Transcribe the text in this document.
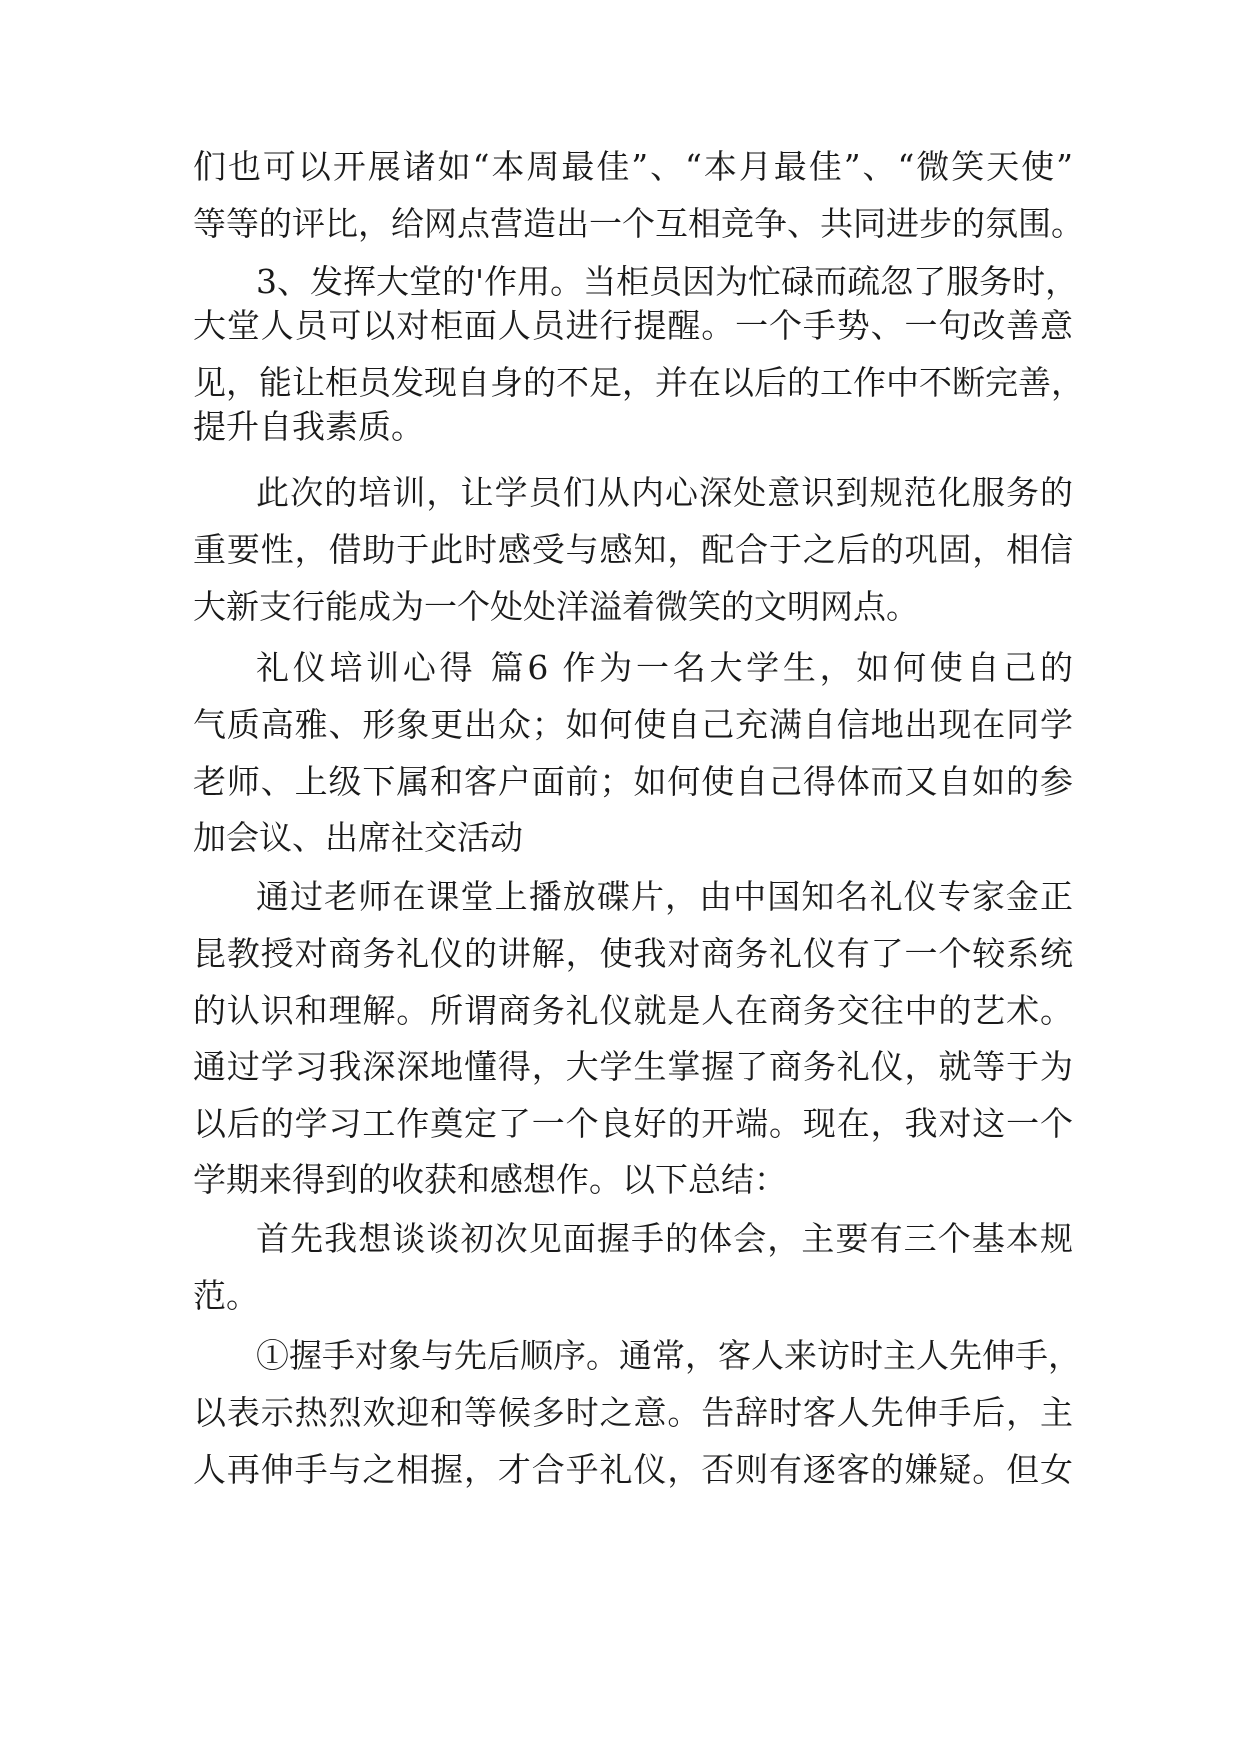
们也可以开展诸如“本周最佳”、“本月最佳”、“微笑天使”
等等的评比，给网点营造出一个互相竞争、共同进步的氛围。
3、发挥大堂的'作用。当柜员因为忙碌而疏忽了服务时，
大堂人员可以对柜面人员进行提醒。一个手势、一句改善意
见，能让柜员发现自身的不足，并在以后的工作中不断完善，
提升自我素质。
此次的培训，让学员们从内心深处意识到规范化服务的
重要性，借助于此时感受与感知，配合于之后的巩固，相信
大新支行能成为一个处处洋溢着微笑的文明网点。
礼仪培训心得 篇6 作为一名大学生，如何使自己的
气质高雅、形象更出众；如何使自己充满自信地出现在同学
老师、上级下属和客户面前；如何使自己得体而又自如的参
加会议、出席社交活动
通过老师在课堂上播放碟片，由中国知名礼仪专家金正
昆教授对商务礼仪的讲解，使我对商务礼仪有了一个较系统
的认识和理解。所谓商务礼仪就是人在商务交往中的艺术。
通过学习我深深地懂得，大学生掌握了商务礼仪，就等于为
以后的学习工作奠定了一个良好的开端。现在，我对这一个
学期来得到的收获和感想作。以下总结：
首先我想谈谈初次见面握手的体会，主要有三个基本规
范。
①握手对象与先后顺序。通常，客人来访时主人先伸手，
以表示热烈欢迎和等候多时之意。告辞时客人先伸手后，主
人再伸手与之相握，才合乎礼仪，否则有逐客的嫌疑。但女
